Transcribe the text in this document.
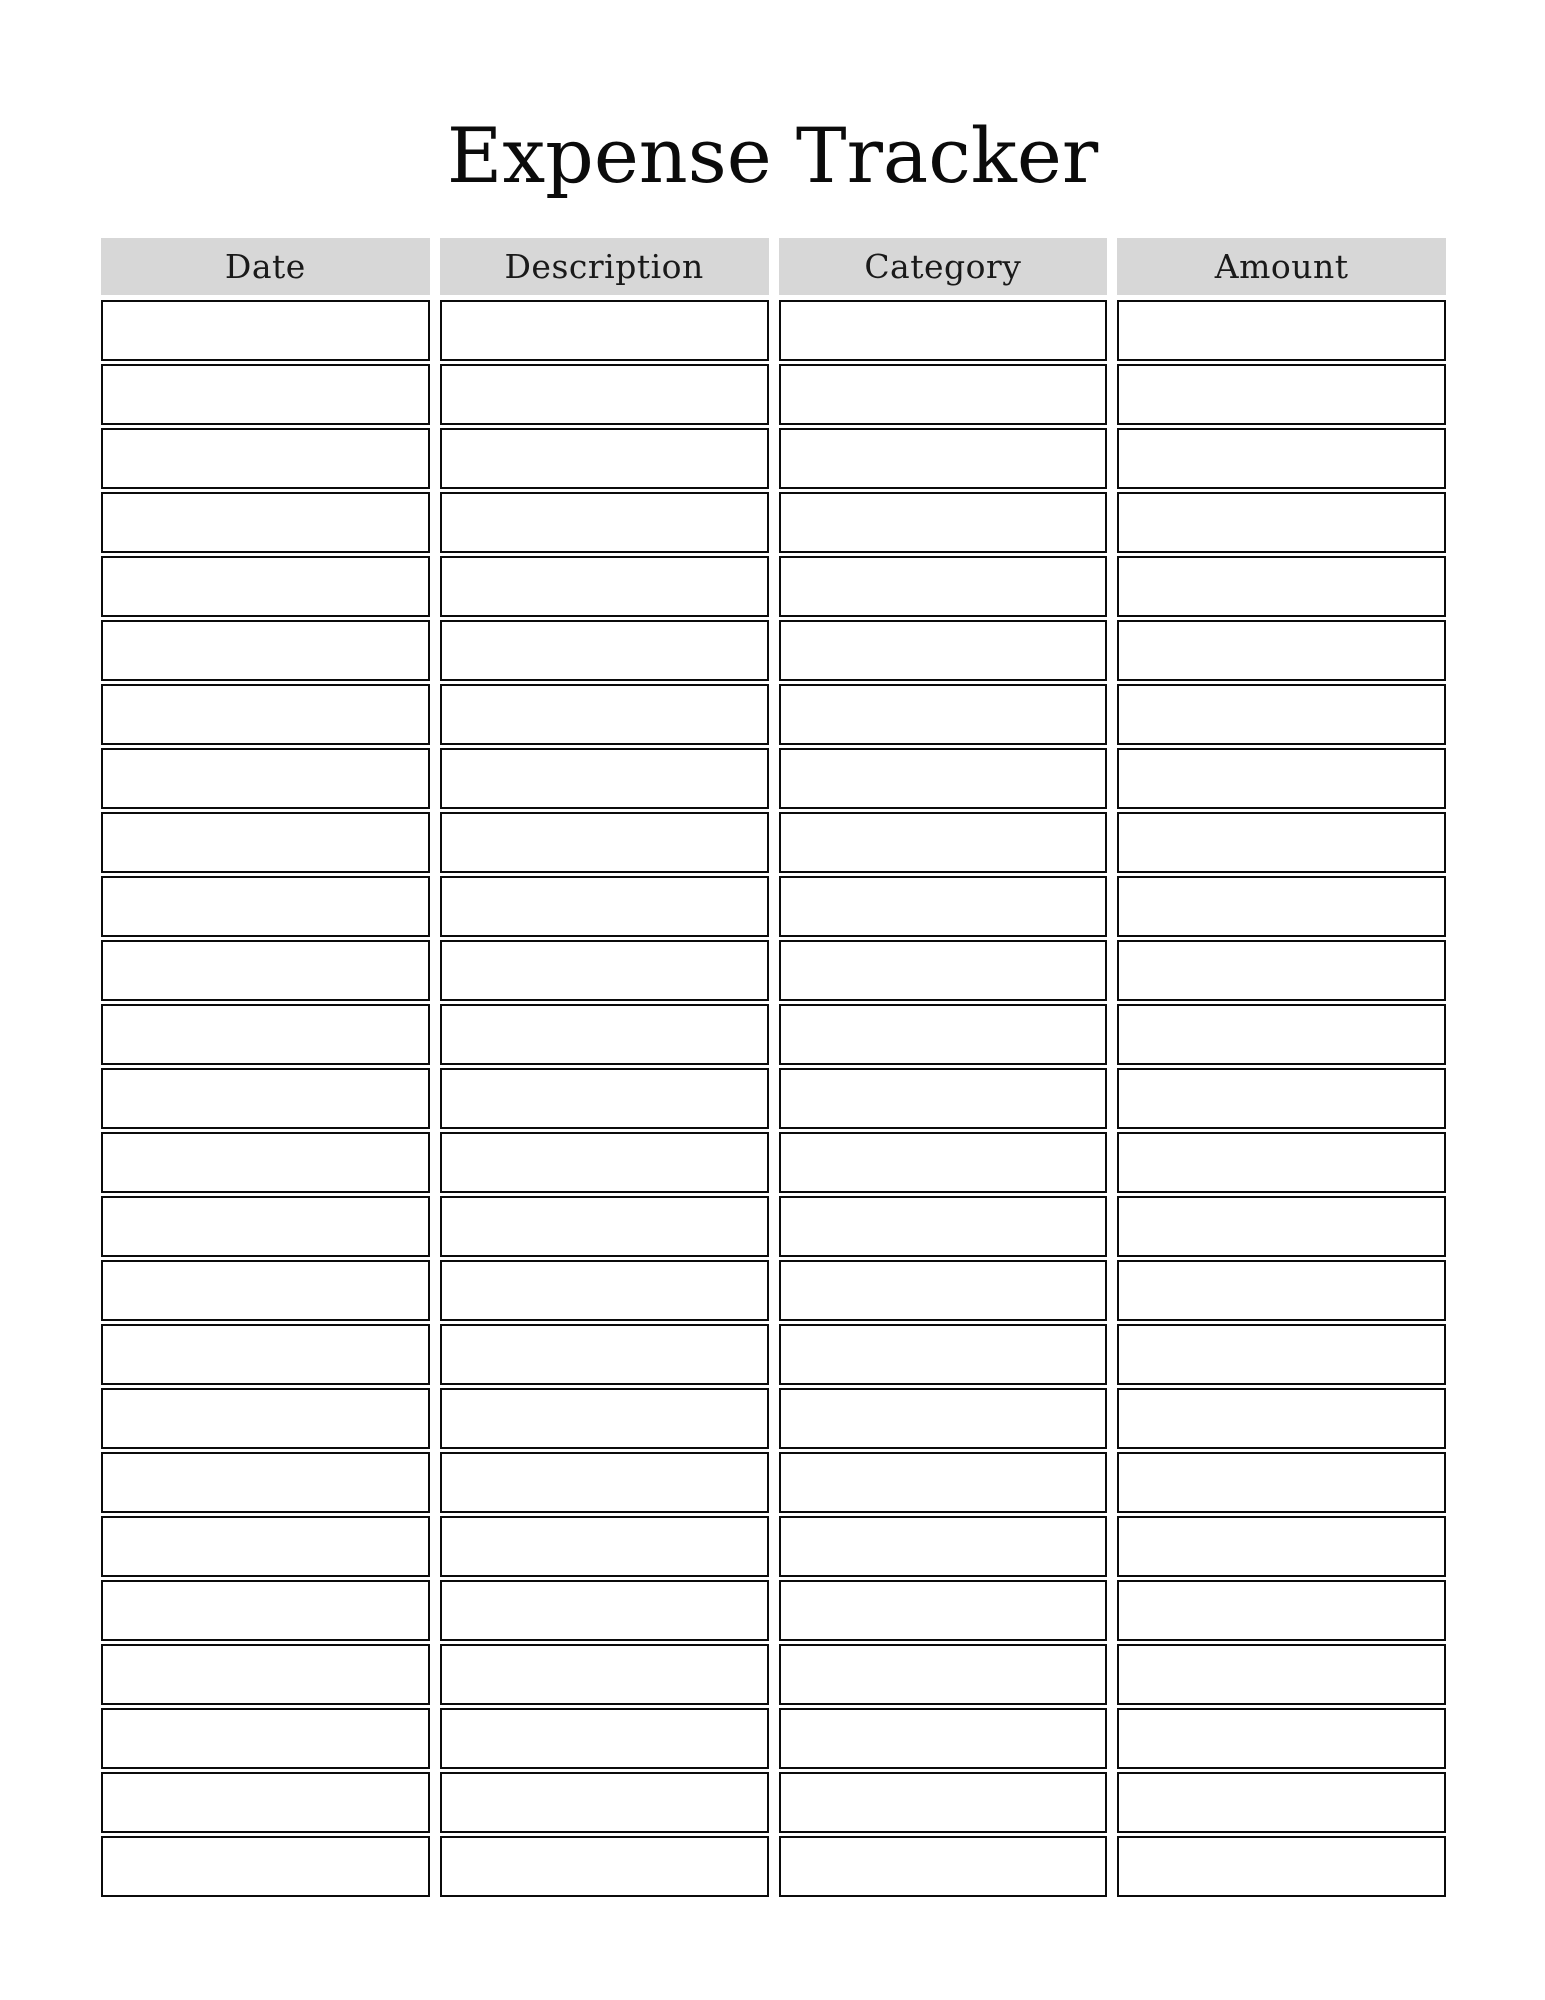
Expense Tracker
Date	Description	Category	Amount
